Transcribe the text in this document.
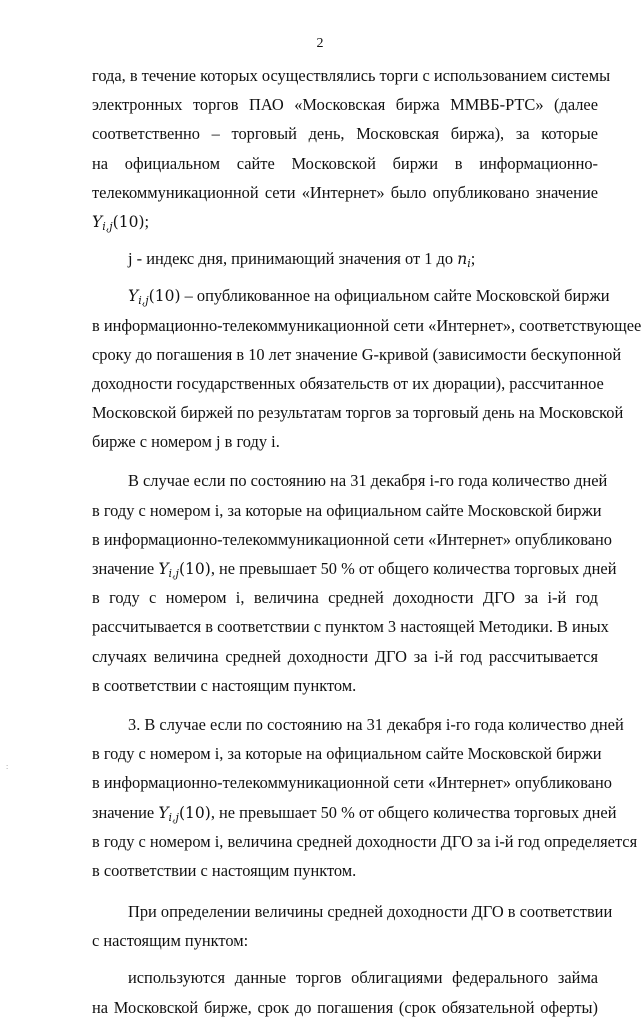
2
:
года, в течение которых осуществлялись торги с использованием системы
электронных торгов ПАО «Московская биржа ММВБ-РТС» (далее
соответственно – торговый день, Московская биржа), за которые
на официальном сайте Московской биржи в информационно-
телекоммуникационной сети «Интернет» было опубликовано значение
Yi,j(10);
j - индекс дня, принимающий значения от 1 до ni;
Yi,j(10) – опубликованное на официальном сайте Московской биржи
в информационно-телекоммуникационной сети «Интернет», соответствующее
сроку до погашения в 10 лет значение G-кривой (зависимости бескупонной
доходности государственных обязательств от их дюрации), рассчитанное
Московской биржей по результатам торгов за торговый день на Московской
бирже с номером j в году i.
В случае если по состоянию на 31 декабря i-го года количество дней
в году с номером i, за которые на официальном сайте Московской биржи
в информационно-телекоммуникационной сети «Интернет» опубликовано
значение Yi,j(10), не превышает 50 % от общего количества торговых дней
в году с номером i, величина средней доходности ДГО за i-й год
рассчитывается в соответствии с пунктом 3 настоящей Методики. В иных
случаях величина средней доходности ДГО за i-й год рассчитывается
в соответствии с настоящим пунктом.
3. В случае если по состоянию на 31 декабря i-го года количество дней
в году с номером i, за которые на официальном сайте Московской биржи
в информационно-телекоммуникационной сети «Интернет» опубликовано
значение Yi,j(10), не превышает 50 % от общего количества торговых дней
в году с номером i, величина средней доходности ДГО за i-й год определяется
в соответствии с настоящим пунктом.
При определении величины средней доходности ДГО в соответствии
с настоящим пунктом:
используются данные торгов облигациями федерального займа
на Московской бирже, срок до погашения (срок обязательной оферты)
